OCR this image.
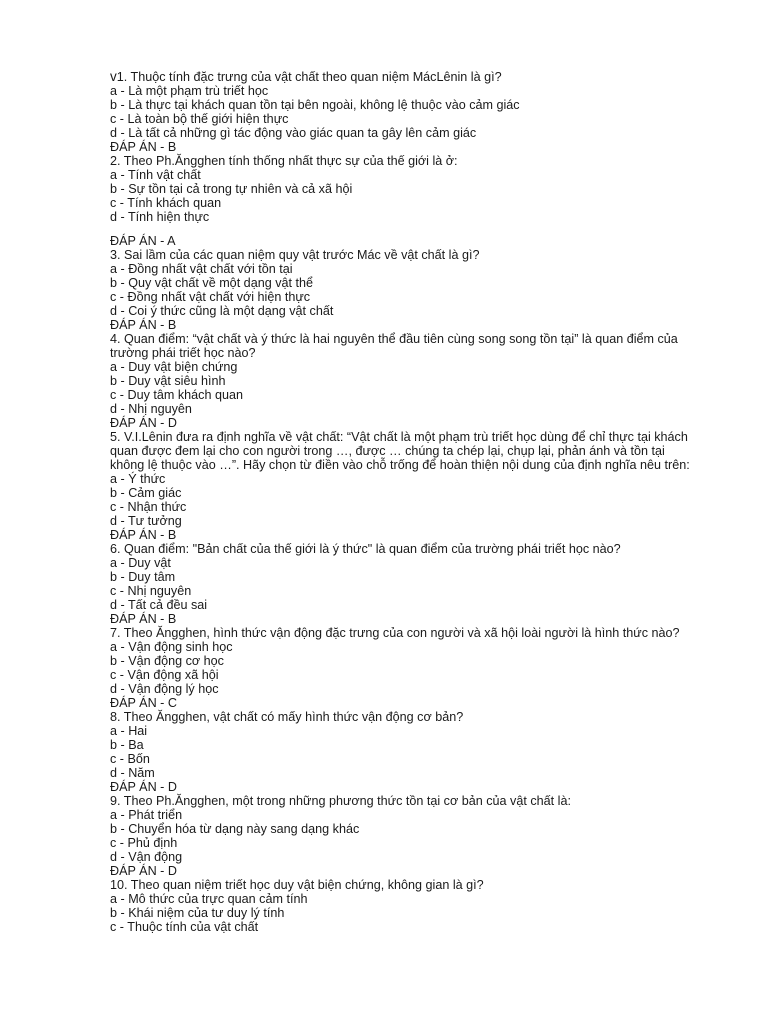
v1. Thuộc tính đặc trưng của vật chất theo quan niệm MácLênin là gì?
a - Là một phạm trù triết học
b - Là thực tại khách quan tồn tại bên ngoài, không lệ thuộc vào cảm giác
c - Là toàn bộ thế giới hiện thực
d - Là tất cả những gì tác động vào giác quan ta gây lên cảm giác
ĐÁP ÁN - B
2. Theo Ph.Ăngghen tính thống nhất thực sự của thế giới là ở:
a - Tính vật chất
b - Sự tồn tại cả trong tự nhiên và cả xã hội
c - Tính khách quan
d - Tính hiện thực
ĐÁP ÁN - A
3. Sai lầm của các quan niệm quy vật trước Mác về vật chất là gì?
a - Đồng nhất vật chất với tồn tại
b - Quy vật chất về một dạng vật thể
c - Đồng nhất vật chất với hiện thực
d - Coi ý thức cũng là một dạng vật chất
ĐÁP ÁN - B
4. Quan điểm: “vật chất và ý thức là hai nguyên thể đầu tiên cùng song song tồn tại” là quan điểm của trường phái triết học nào?
a - Duy vật biện chứng
b - Duy vật siêu hình
c - Duy tâm khách quan
d - Nhị nguyên
ĐÁP ÁN - D
5. V.I.Lênin đưa ra định nghĩa về vật chất: “Vật chất là một phạm trù triết học dùng để chỉ thực tại khách quan được đem lại cho con người trong …, được … chúng ta chép lại, chụp lại, phản ánh và tồn tại không lệ thuộc vào …”. Hãy chọn từ điền vào chỗ trống để hoàn thiện nội dung của định nghĩa nêu trên:
a - Ý thức
b - Cảm giác
c - Nhận thức
d - Tư tưởng
ĐÁP ÁN - B
6. Quan điểm: "Bản chất của thế giới là ý thức" là quan điểm của trường phái triết học nào?
a - Duy vật
b - Duy tâm
c - Nhị nguyên
d - Tất cả đều sai
ĐÁP ÁN - B
7. Theo Ăngghen, hình thức vận động đặc trưng của con người và xã hội loài người là hình thức nào?
a - Vận động sinh học
b - Vận động cơ học
c - Vận động xã hội
d - Vận động lý học
ĐÁP ÁN - C
8. Theo Ăngghen, vật chất có mấy hình thức vận động cơ bản?
a - Hai
b - Ba
c - Bốn
d - Năm
ĐÁP ÁN - D
9. Theo Ph.Ăngghen, một trong những phương thức tồn tại cơ bản của vật chất là:
a - Phát triển
b - Chuyển hóa từ dạng này sang dạng khác
c - Phủ định
d - Vận động
ĐÁP ÁN - D
10. Theo quan niệm triết học duy vật biện chứng, không gian là gì?
a - Mô thức của trực quan cảm tính
b - Khái niệm của tư duy lý tính
c - Thuộc tính của vật chất
